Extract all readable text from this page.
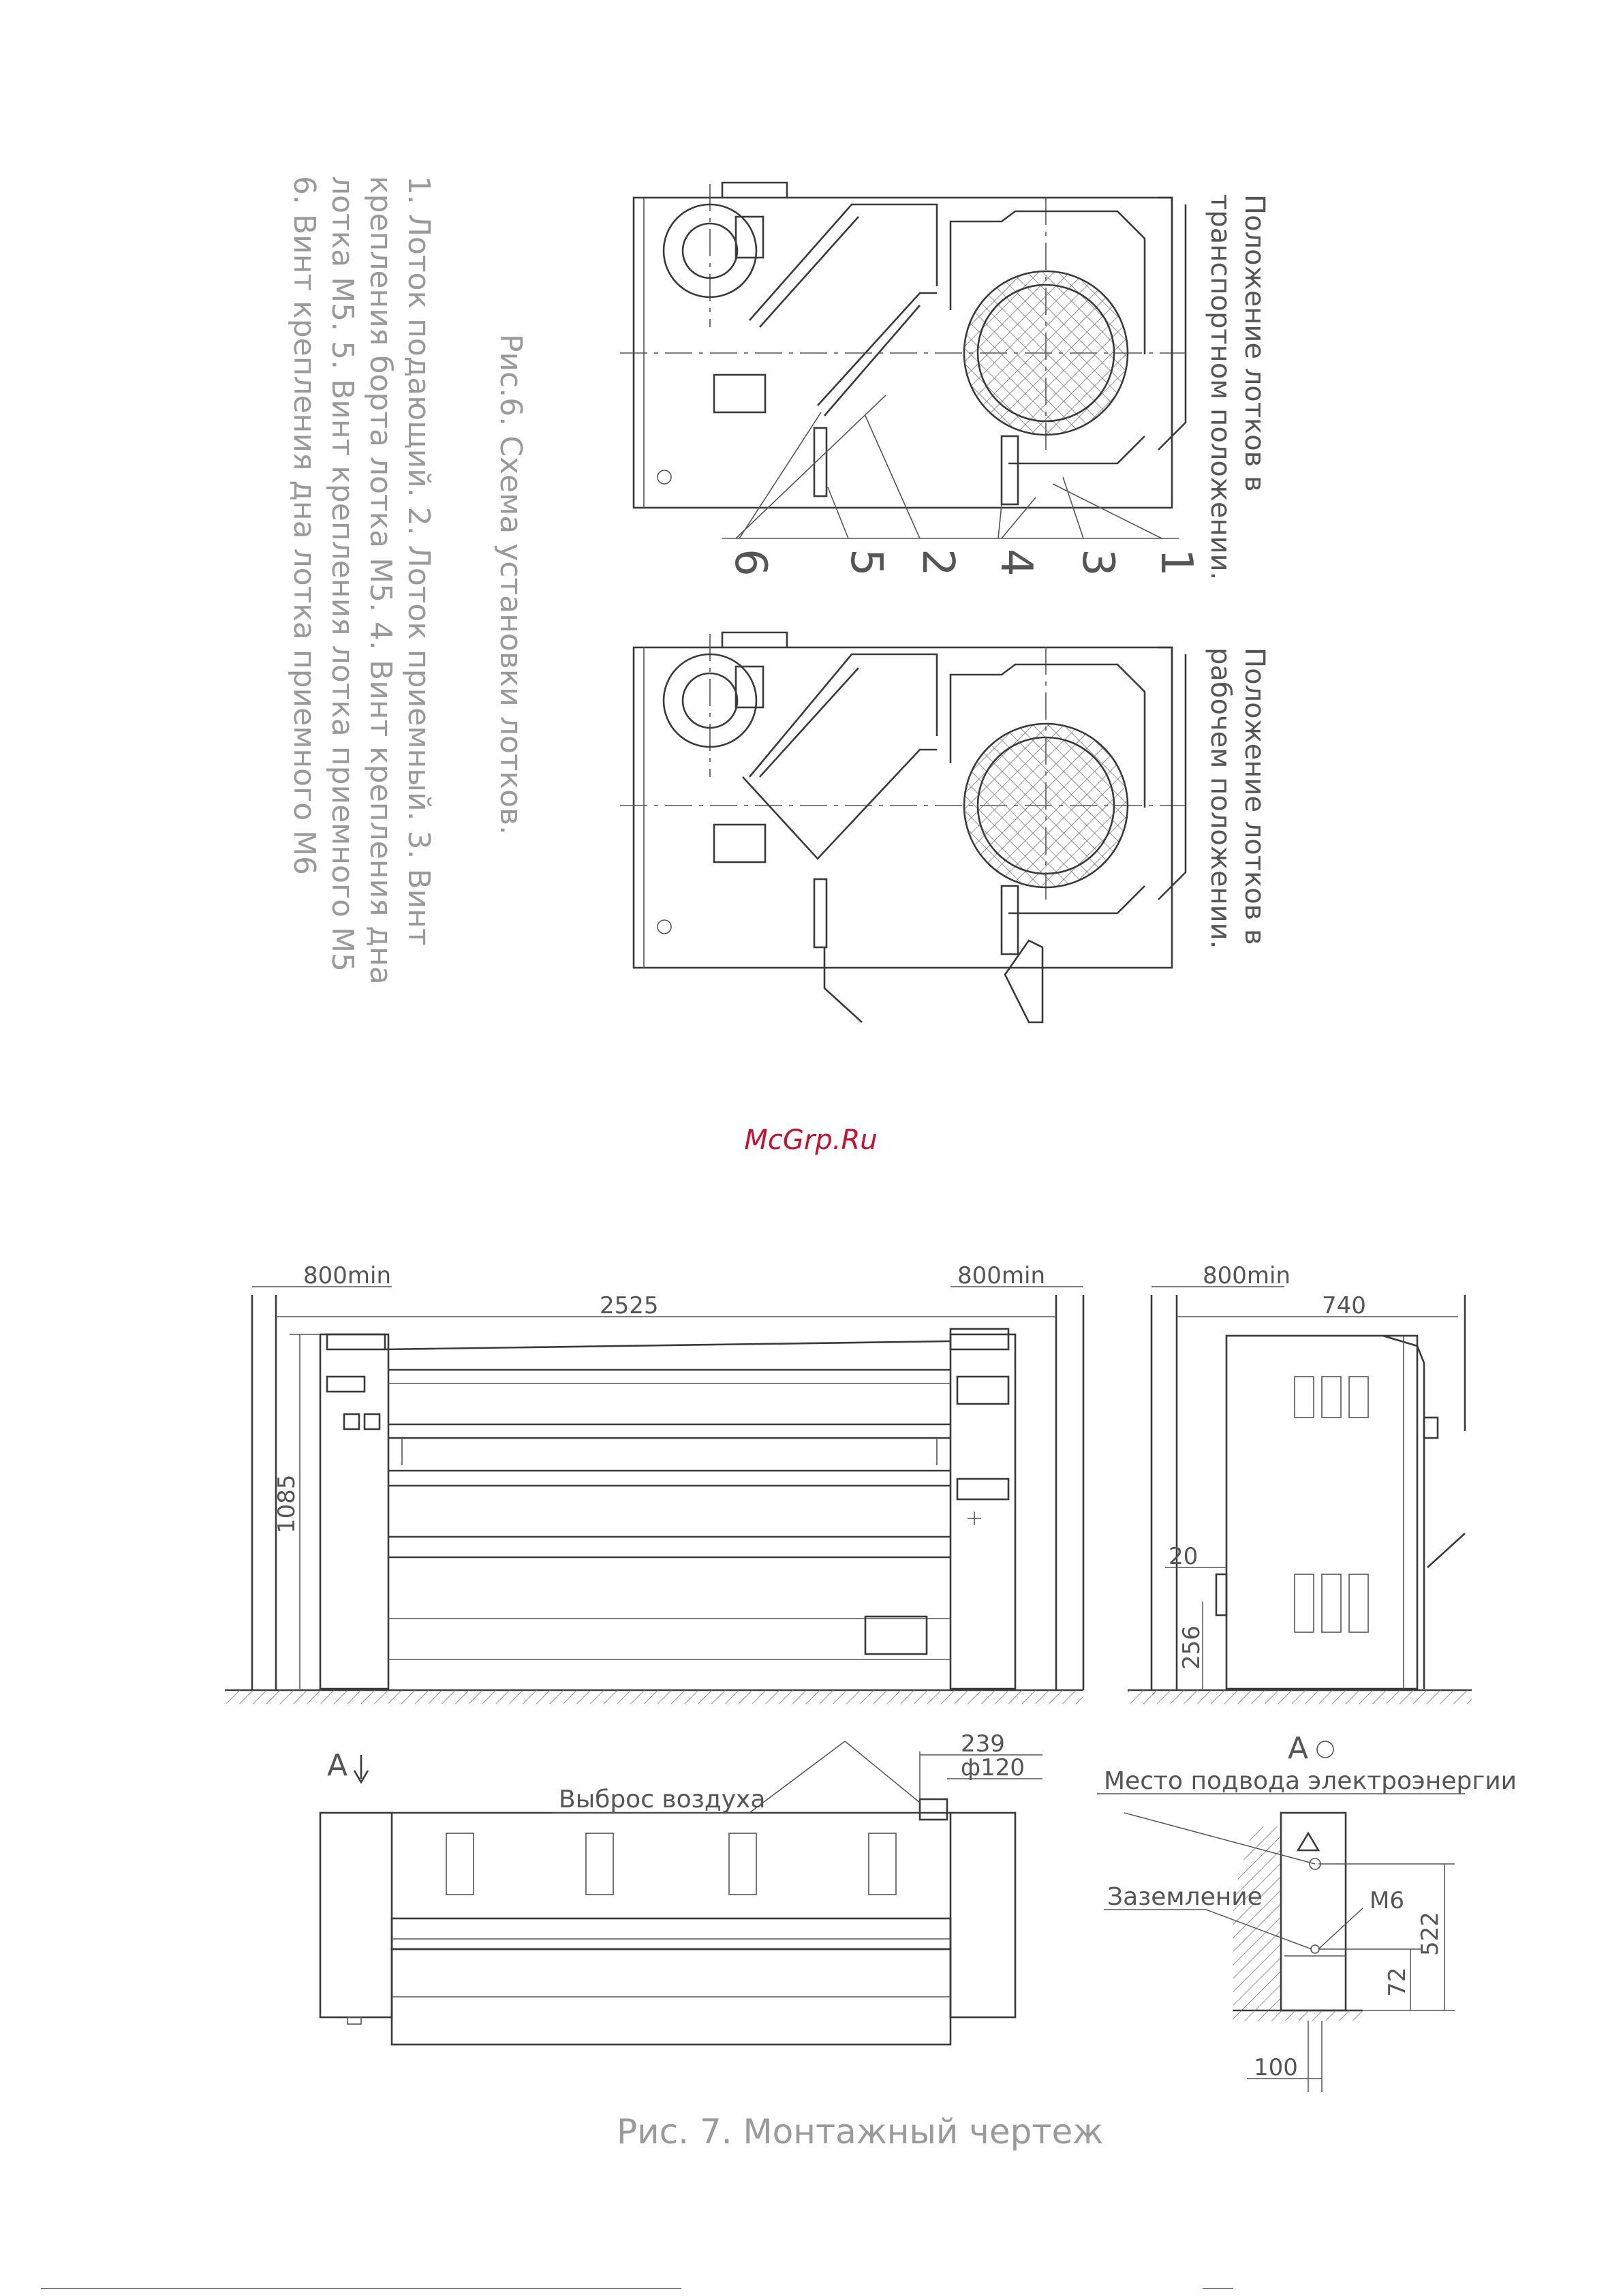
Рис.6. Схема установки лотков.
1. Лоток подающий. 2. Лоток приемный. 3. Винт
крепления борта лотка М5. 4. Винт крепления дна
лотка М5. 5. Винт крепления лотка приемного М5
6. Винт крепления дна лотка приемного М6	Положение лотков в
транспортном положении.
Положение лотков в
рабочем положении.
6 5 2 4 3 1
800min	800min
2525
1085
800min
740
20
256
А
239
ф120
Выброс воздуха
А
Место подвода электроэнергии
Заземление	М6
522
72
100
Рис. 7. Монтажный чертеж
McGrp.Ru
